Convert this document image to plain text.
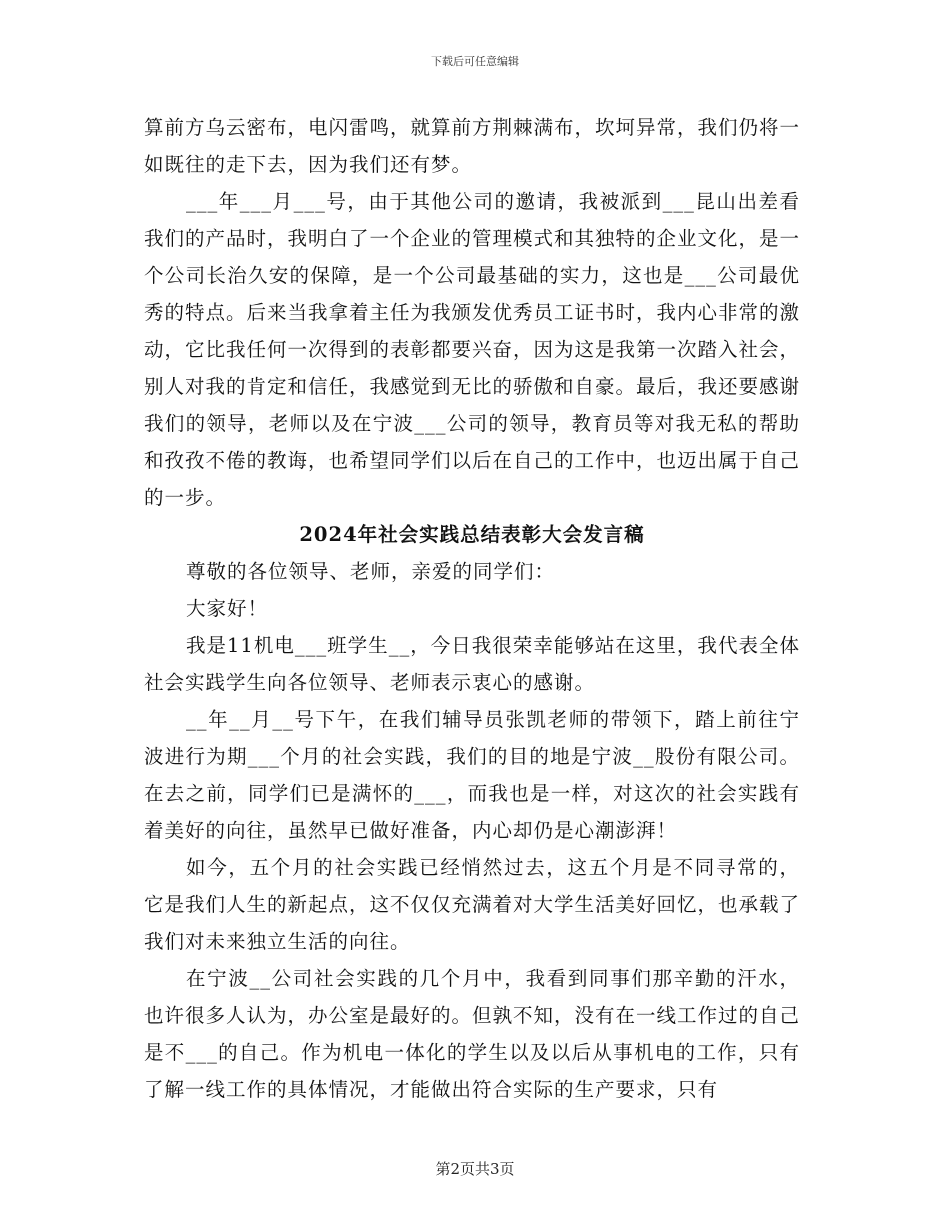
下载后可任意编辑

算前方乌云密布，电闪雷鸣，就算前方荆棘满布，坎坷异常，我们仍将一如既往的走下去，因为我们还有梦。

___年___月___号，由于其他公司的邀请，我被派到___昆山出差看我们的产品时，我明白了一个企业的管理模式和其独特的企业文化，是一个公司长治久安的保障，是一个公司最基础的实力，这也是___公司最优秀的特点。后来当我拿着主任为我颁发优秀员工证书时，我内心非常的激动，它比我任何一次得到的表彰都要兴奋，因为这是我第一次踏入社会，别人对我的肯定和信任，我感觉到无比的骄傲和自豪。最后，我还要感谢我们的领导，老师以及在宁波___公司的领导，教育员等对我无私的帮助和孜孜不倦的教诲，也希望同学们以后在自己的工作中，也迈出属于自己的一步。

2024年社会实践总结表彰大会发言稿

尊敬的各位领导、老师，亲爱的同学们：

大家好！

我是11机电___班学生__，今日我很荣幸能够站在这里，我代表全体社会实践学生向各位领导、老师表示衷心的感谢。

__年__月__号下午，在我们辅导员张凯老师的带领下，踏上前往宁波进行为期___个月的社会实践，我们的目的地是宁波__股份有限公司。在去之前，同学们已是满怀的___，而我也是一样，对这次的社会实践有着美好的向往，虽然早已做好准备，内心却仍是心潮澎湃！

如今，五个月的社会实践已经悄然过去，这五个月是不同寻常的，它是我们人生的新起点，这不仅仅充满着对大学生活美好回忆，也承载了我们对未来独立生活的向往。

在宁波__公司社会实践的几个月中，我看到同事们那辛勤的汗水，也许很多人认为，办公室是最好的。但孰不知，没有在一线工作过的自己是不___的自己。作为机电一体化的学生以及以后从事机电的工作，只有了解一线工作的具体情况，才能做出符合实际的生产要求，只有

第2页共3页
